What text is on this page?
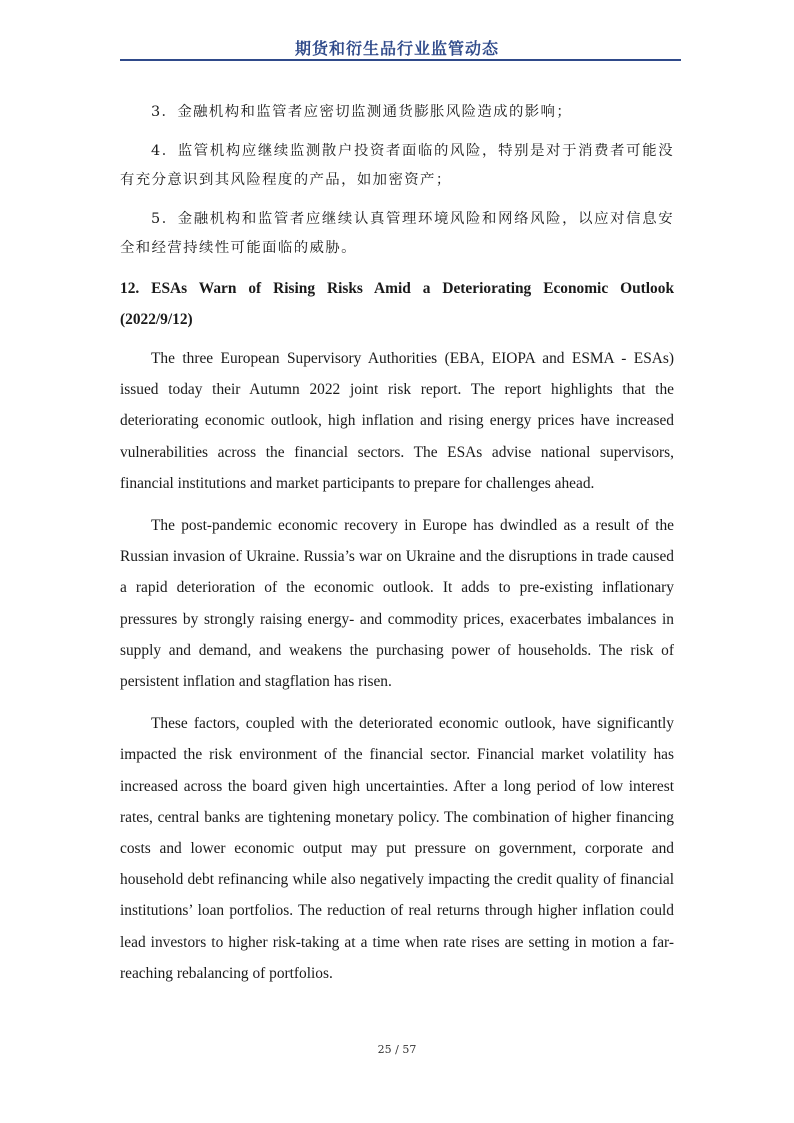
期货和衍生品行业监管动态

3．金融机构和监管者应密切监测通货膨胀风险造成的影响；

4．监管机构应继续监测散户投资者面临的风险，特别是对于消费者可能没有充分意识到其风险程度的产品，如加密资产；

5．金融机构和监管者应继续认真管理环境风险和网络风险，以应对信息安全和经营持续性可能面临的威胁。

12. ESAs Warn of Rising Risks Amid a Deteriorating Economic Outlook
(2022/9/12)

The three European Supervisory Authorities (EBA, EIOPA and ESMA - ESAs) issued today their Autumn 2022 joint risk report. The report highlights that the deteriorating economic outlook, high inflation and rising energy prices have increased vulnerabilities across the financial sectors. The ESAs advise national supervisors, financial institutions and market participants to prepare for challenges ahead.

The post-pandemic economic recovery in Europe has dwindled as a result of the Russian invasion of Ukraine. Russia’s war on Ukraine and the disruptions in trade caused a rapid deterioration of the economic outlook. It adds to pre-existing inflationary pressures by strongly raising energy- and commodity prices, exacerbates imbalances in supply and demand, and weakens the purchasing power of households. The risk of persistent inflation and stagflation has risen.

These factors, coupled with the deteriorated economic outlook, have significantly impacted the risk environment of the financial sector. Financial market volatility has increased across the board given high uncertainties. After a long period of low interest rates, central banks are tightening monetary policy. The combination of higher financing costs and lower economic output may put pressure on government, corporate and household debt refinancing while also negatively impacting the credit quality of financial institutions’ loan portfolios. The reduction of real returns through higher inflation could lead investors to higher risk-taking at a time when rate rises are setting in motion a far-reaching rebalancing of portfolios.

25 / 57
